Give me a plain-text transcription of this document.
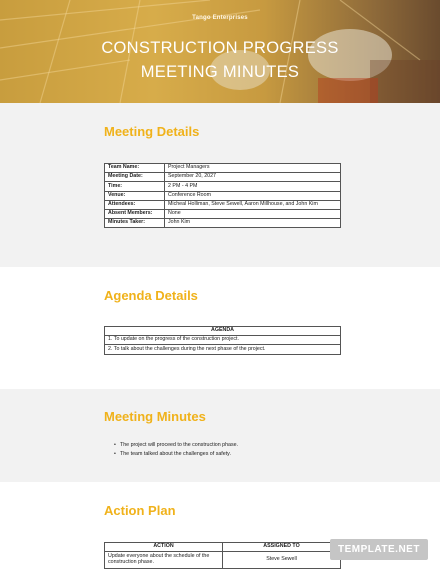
Tango Enterprises
CONSTRUCTION PROGRESS
MEETING MINUTES
Meeting Details
Team Name:	Project Managers
Meeting Date:	September 20, 2027
Time:	2 PM - 4 PM
Venue:	Conference Room
Attendees:	Micheal Holliman, Steve Sewell, Aaron Millhouse, and John Kim
Absent Members:	None
Minutes Taker:	John Kim
Agenda Details
AGENDA
1. To update on the progress of the construction project.
2. To talk about the challenges during the next phase of the project.
Meeting Minutes
• The project will proceed to the construction phase.
• The team talked about the challenges of safety.
Action Plan
ACTION	ASSIGNED TO
Update everyone about the schedule of the construction phase.	Steve Sewell
TEMPLATE.NET
